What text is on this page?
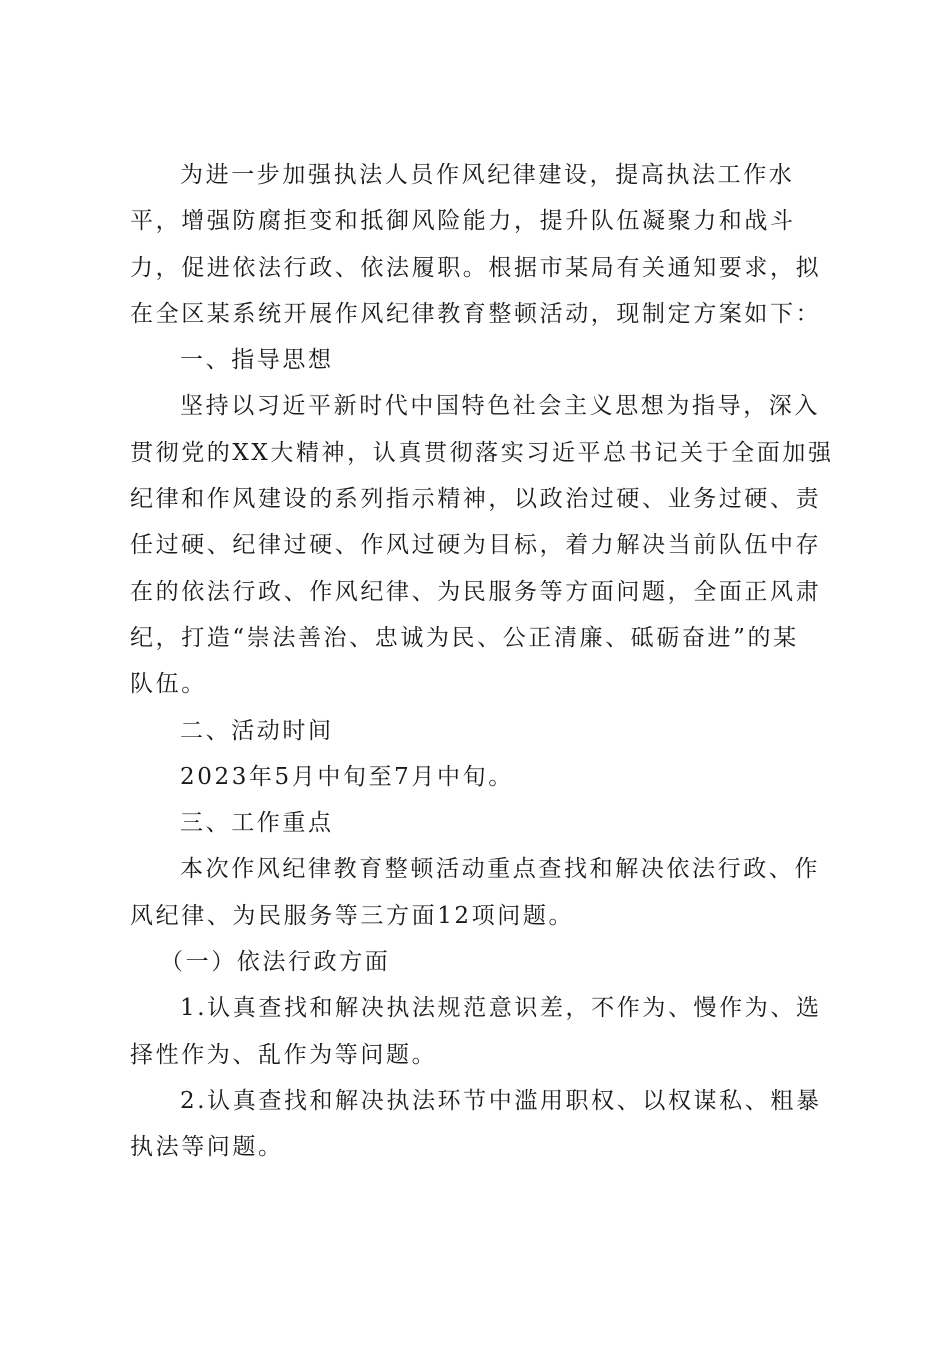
为进一步加强执法人员作风纪律建设，提高执法工作水
平，增强防腐拒变和抵御风险能力，提升队伍凝聚力和战斗
力，促进依法行政、依法履职。根据市某局有关通知要求，拟
在全区某系统开展作风纪律教育整顿活动，现制定方案如下：
一、指导思想
坚持以习近平新时代中国特色社会主义思想为指导，深入
贯彻党的XX大精神，认真贯彻落实习近平总书记关于全面加强
纪律和作风建设的系列指示精神，以政治过硬、业务过硬、责
任过硬、纪律过硬、作风过硬为目标，着力解决当前队伍中存
在的依法行政、作风纪律、为民服务等方面问题，全面正风肃
纪，打造“崇法善治、忠诚为民、公正清廉、砥砺奋进”的某
队伍。
二、活动时间
2023年5月中旬至7月中旬。
三、工作重点
本次作风纪律教育整顿活动重点查找和解决依法行政、作
风纪律、为民服务等三方面12项问题。
（一）依法行政方面
1.认真查找和解决执法规范意识差，不作为、慢作为、选
择性作为、乱作为等问题。
2.认真查找和解决执法环节中滥用职权、以权谋私、粗暴
执法等问题。
